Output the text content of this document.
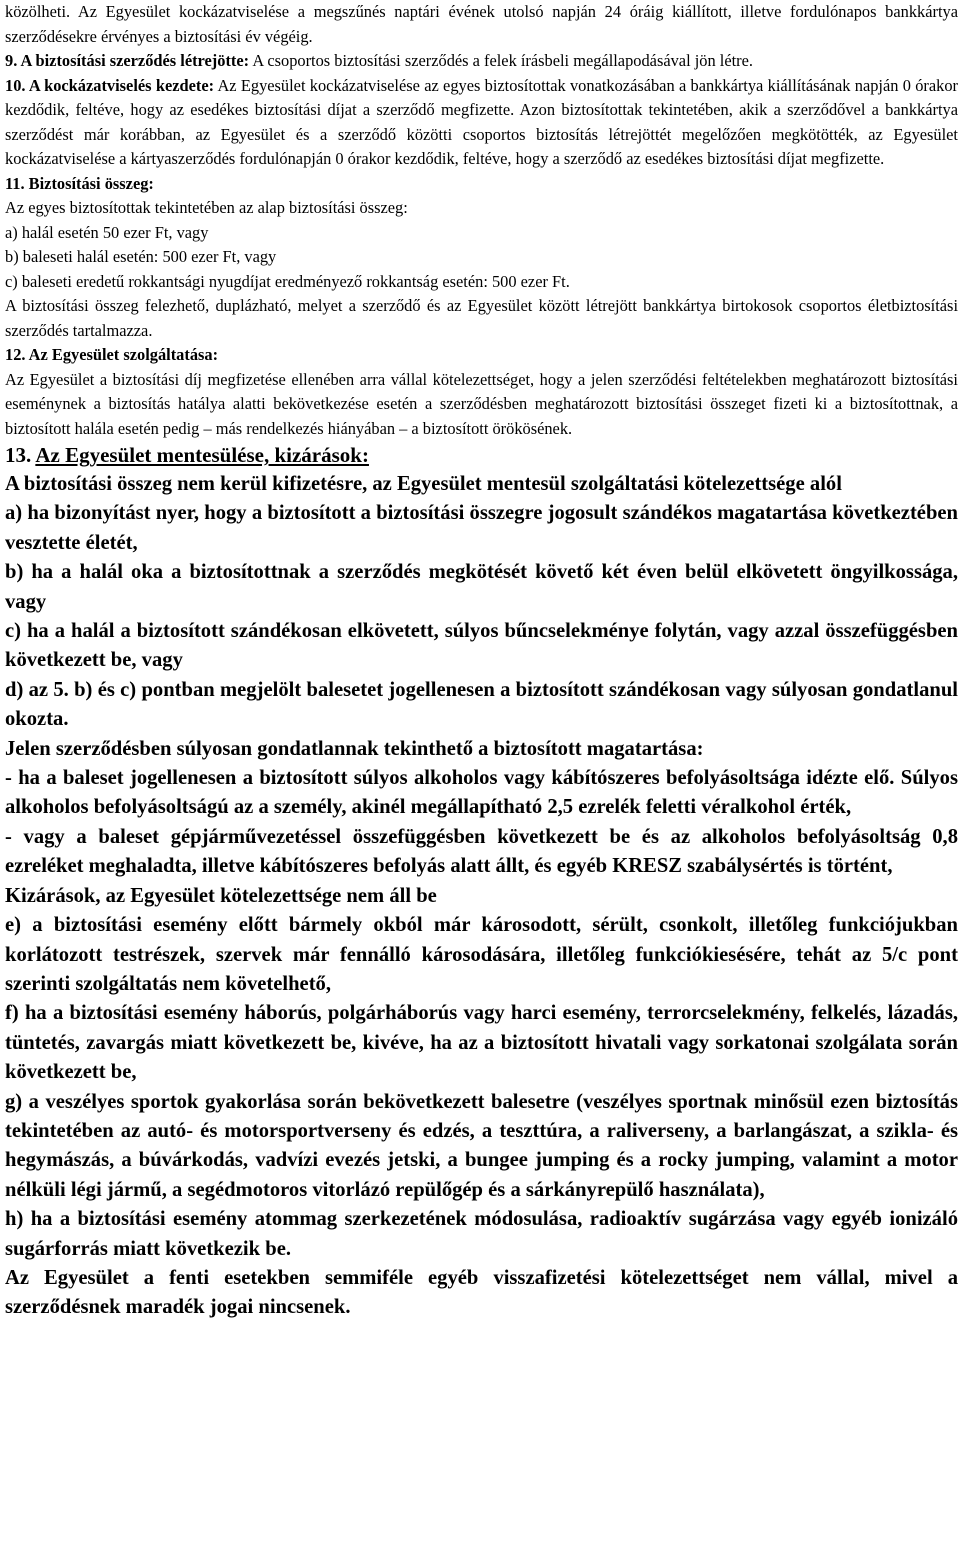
közölheti. Az Egyesület kockázatviselése a megszűnés naptári évének utolsó napján 24 óráig kiállított, illetve fordulónapos bankkártya szerződésekre érvényes a biztosítási év végéig.

9. A biztosítási szerződés létrejötte: A csoportos biztosítási szerződés a felek írásbeli megállapodásával jön létre.

10. A kockázatviselés kezdete: Az Egyesület kockázatviselése az egyes biztosítottak vonatkozásában a bankkártya kiállításának napján 0 órakor kezdődik, feltéve, hogy az esedékes biztosítási díjat a szerződő megfizette. Azon biztosítottak tekintetében, akik a szerződővel a bankkártya szerződést már korábban, az Egyesület és a szerződő közötti csoportos biztosítás létrejöttét megelőzően megkötötték, az Egyesület kockázatviselése a kártyaszerződés fordulónapján 0 órakor kezdődik, feltéve, hogy a szerződő az esedékes biztosítási díjat megfizette.

11. Biztosítási összeg:

Az egyes biztosítottak tekintetében az alap biztosítási összeg:

a) halál esetén 50 ezer Ft, vagy

b) baleseti halál esetén: 500 ezer Ft, vagy

c) baleseti eredetű rokkantsági nyugdíjat eredményező rokkantság esetén: 500 ezer Ft.

A biztosítási összeg felezhető, duplázható, melyet a szerződő és az Egyesület között létrejött bankkártya birtokosok csoportos életbiztosítási szerződés tartalmazza.

12. Az Egyesület szolgáltatása:

Az Egyesület a biztosítási díj megfizetése ellenében arra vállal kötelezettséget, hogy a jelen szerződési feltételekben meghatározott biztosítási eseménynek a biztosítás hatálya alatti bekövetkezése esetén a szerződésben meghatározott biztosítási összeget fizeti ki a biztosítottnak, a biztosított halála esetén pedig – más rendelkezés hiányában – a biztosított örökösének.

13. Az Egyesület mentesülése, kizárások:

A biztosítási összeg nem kerül kifizetésre, az Egyesület mentesül szolgáltatási kötelezettsége alól

a) ha bizonyítást nyer, hogy a biztosított a biztosítási összegre jogosult szándékos magatartása következtében vesztette életét,

b) ha a halál oka a biztosítottnak a szerződés megkötését követő két éven belül elkövetett öngyilkossága, vagy

c) ha a halál a biztosított szándékosan elkövetett, súlyos bűncselekménye folytán, vagy azzal összefüggésben következett be, vagy

d) az 5. b) és c) pontban megjelölt balesetet jogellenesen a biztosított szándékosan vagy súlyosan gondatlanul okozta.

Jelen szerződésben súlyosan gondatlannak tekinthető a biztosított magatartása:

- ha a baleset jogellenesen a biztosított súlyos alkoholos vagy kábítószeres befolyásoltsága idézte elő. Súlyos alkoholos befolyásoltságú az a személy, akinél megállapítható 2,5 ezrelék feletti véralkohol érték,

- vagy a baleset gépjárművezetéssel összefüggésben következett be és az alkoholos befolyásoltság 0,8 ezreléket meghaladta, illetve kábítószeres befolyás alatt állt, és egyéb KRESZ szabálysértés is történt,

Kizárások, az Egyesület kötelezettsége nem áll be

e) a biztosítási esemény előtt bármely okból már károsodott, sérült, csonkolt, illetőleg funkciójukban korlátozott testrészek, szervek már fennálló károsodására, illetőleg funkciókiesésére, tehát az 5/c pont szerinti szolgáltatás nem követelhető,

f) ha a biztosítási esemény háborús, polgárháborús vagy harci esemény, terrorcselekmény, felkelés, lázadás, tüntetés, zavargás miatt következett be, kivéve, ha az a biztosított hivatali vagy sorkatonai szolgálata során következett be,

g) a veszélyes sportok gyakorlása során bekövetkezett balesetre (veszélyes sportnak minősül ezen biztosítás tekintetében az autó- és motorsportverseny és edzés, a teszttúra, a raliverseny, a barlangászat, a szikla- és hegymászás, a búvárkodás, vadvízi evezés jetski, a bungee jumping és a rocky jumping, valamint a motor nélküli légi jármű, a segédmotoros vitorlázó repülőgép és a sárkányrepülő használata),

h) ha a biztosítási esemény atommag szerkezetének módosulása, radioaktív sugárzása vagy egyéb ionizáló sugárforrás miatt következik be.

Az Egyesület a fenti esetekben semmiféle egyéb visszafizetési kötelezettséget nem vállal, mivel a szerződésnek maradék jogai nincsenek.
